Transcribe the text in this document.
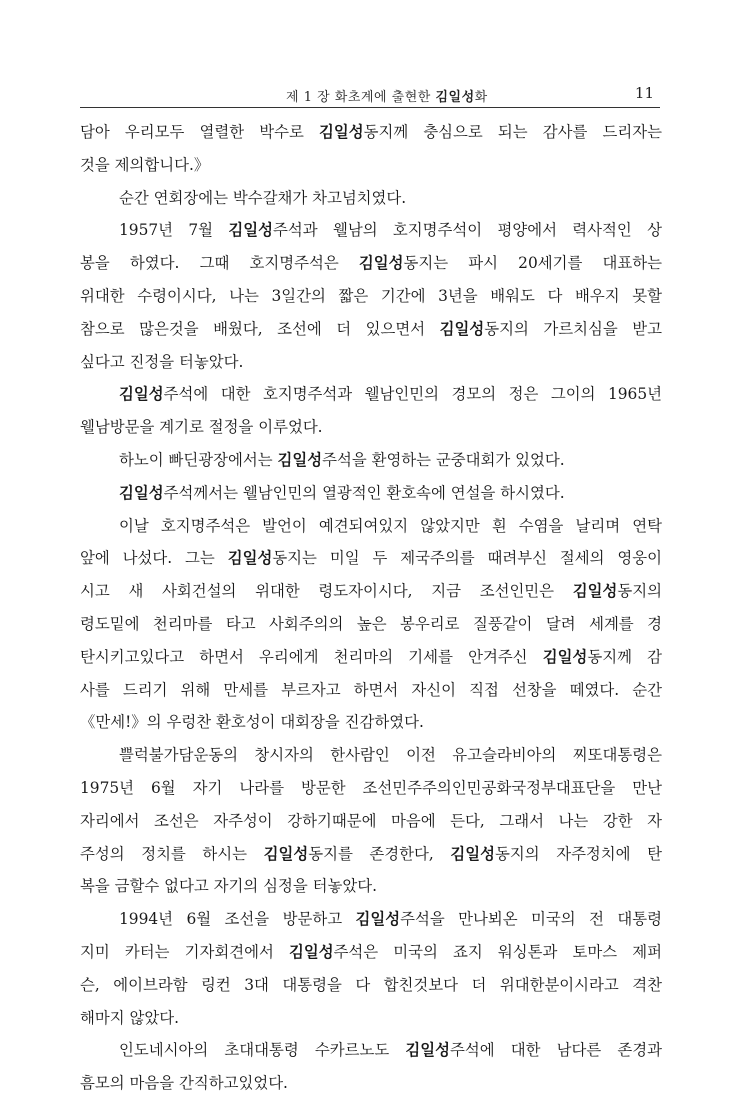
제 1 장 화초계에 출현한 김일성화	11
담아 우리모두 열렬한 박수로 김일성동지께 충심으로 되는 감사를 드리자는
것을 제의합니다.》
순간 연회장에는 박수갈채가 차고넘치였다.
1957년 7월 김일성주석과 웰남의 호지명주석이 평양에서 력사적인 상
봉을 하였다. 그때 호지명주석은 김일성동지는 파시 20세기를 대표하는
위대한 수령이시다, 나는 3일간의 짧은 기간에 3년을 배워도 다 배우지 못할
참으로 많은것을 배웠다, 조선에 더 있으면서 김일성동지의 가르치심을 받고
싶다고 진정을 터놓았다.
김일성주석에 대한 호지명주석과 웰남인민의 경모의 정은 그이의 1965년
웰남방문을 계기로 절정을 이루었다.
하노이 빠딘광장에서는 김일성주석을 환영하는 군중대회가 있었다.
김일성주석께서는 웰남인민의 열광적인 환호속에 연설을 하시였다.
이날 호지명주석은 발언이 예견되여있지 않았지만 흰 수염을 날리며 연탁
앞에 나섰다. 그는 김일성동지는 미일 두 제국주의를 때려부신 절세의 영웅이
시고 새 사회건설의 위대한 령도자이시다, 지금 조선인민은 김일성동지의
령도밑에 천리마를 타고 사회주의의 높은 봉우리로 질풍같이 달려 세계를 경
탄시키고있다고 하면서 우리에게 천리마의 기세를 안겨주신 김일성동지께 감
사를 드리기 위해 만세를 부르자고 하면서 자신이 직접 선창을 떼였다. 순간
《만세!》의 우렁찬 환호성이 대회장을 진감하였다.
쁠럭불가담운동의 창시자의 한사람인 이전 유고슬라비아의 찌또대통령은
1975년 6월 자기 나라를 방문한 조선민주주의인민공화국정부대표단을 만난
자리에서 조선은 자주성이 강하기때문에 마음에 든다, 그래서 나는 강한 자
주성의 정치를 하시는 김일성동지를 존경한다, 김일성동지의 자주정치에 탄
복을 금할수 없다고 자기의 심정을 터놓았다.
1994년 6월 조선을 방문하고 김일성주석을 만나뵈온 미국의 전 대통령
지미 카터는 기자회견에서 김일성주석은 미국의 죠지 워싱톤과 토마스 제퍼
슨, 에이브라함 링컨 3대 대통령을 다 합친것보다 더 위대한분이시라고 격찬
해마지 않았다.
인도네시아의 초대대통령 수카르노도 김일성주석에 대한 남다른 존경과
흠모의 마음을 간직하고있었다.
